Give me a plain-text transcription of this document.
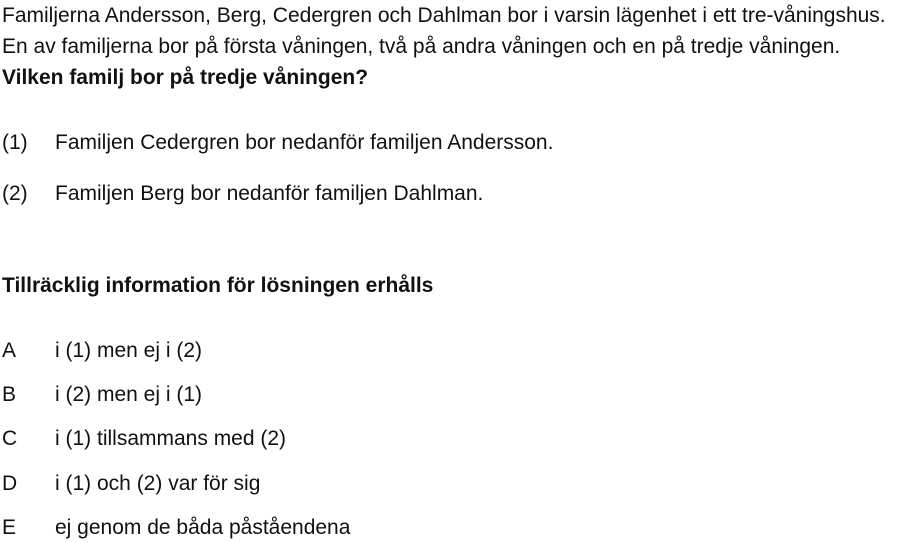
Familjerna Andersson, Berg, Cedergren och Dahlman bor i varsin lägenhet i ett tre-våningshus. En av familjerna bor på första våningen, två på andra våningen och en på tredje våningen. Vilken familj bor på tredje våningen?

(1) Familjen Cedergren bor nedanför familjen Andersson.
(2) Familjen Berg bor nedanför familjen Dahlman.

Tillräcklig information för lösningen erhålls

A i (1) men ej i (2)
B i (2) men ej i (1)
C i (1) tillsammans med (2)
D i (1) och (2) var för sig
E ej genom de båda påståendena
